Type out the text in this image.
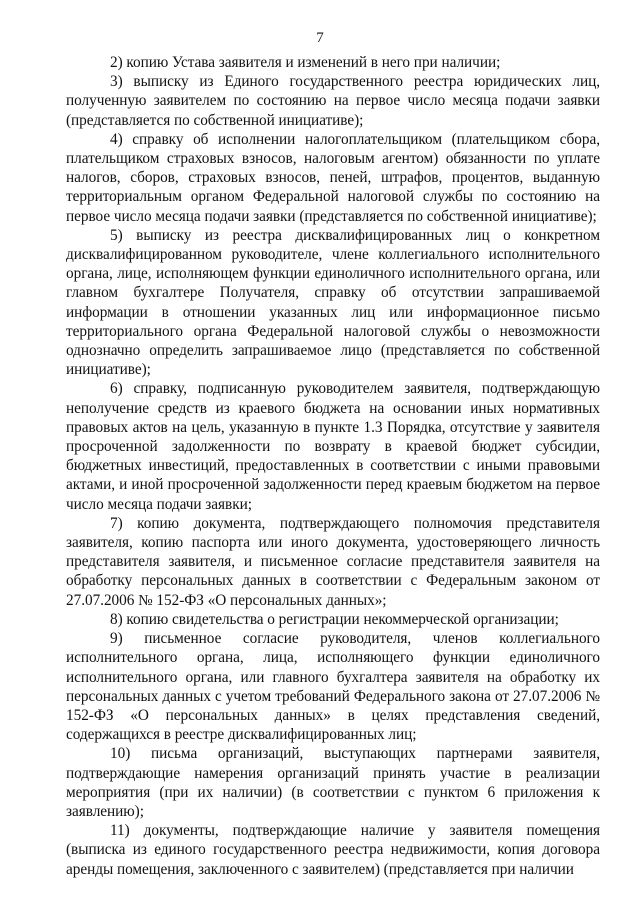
7

2) копию Устава заявителя и изменений в него при наличии;

3) выписку из Единого государственного реестра юридических лиц, полученную заявителем по состоянию на первое число месяца подачи заявки (представляется по собственной инициативе);

4) справку об исполнении налогоплательщиком (плательщиком сбора, плательщиком страховых взносов, налоговым агентом) обязанности по уплате налогов, сборов, страховых взносов, пеней, штрафов, процентов, выданную территориальным органом Федеральной налоговой службы по состоянию на первое число месяца подачи заявки (представляется по собственной инициативе);

5) выписку из реестра дисквалифицированных лиц о конкретном дисквалифицированном руководителе, члене коллегиального исполнительного органа, лице, исполняющем функции единоличного исполнительного органа, или главном бухгалтере Получателя, справку об отсутствии запрашиваемой информации в отношении указанных лиц или информационное письмо территориального органа Федеральной налоговой службы о невозможности однозначно определить запрашиваемое лицо (представляется по собственной инициативе);

6) справку, подписанную руководителем заявителя, подтверждающую неполучение средств из краевого бюджета на основании иных нормативных правовых актов на цель, указанную в пункте 1.3 Порядка, отсутствие у заявителя просроченной задолженности по возврату в краевой бюджет субсидии, бюджетных инвестиций, предоставленных в соответствии с иными правовыми актами, и иной просроченной задолженности перед краевым бюджетом на первое число месяца подачи заявки;

7) копию документа, подтверждающего полномочия представителя заявителя, копию паспорта или иного документа, удостоверяющего личность представителя заявителя, и письменное согласие представителя заявителя на обработку персональных данных в соответствии с Федеральным законом от 27.07.2006 № 152-ФЗ «О персональных данных»;

8) копию свидетельства о регистрации некоммерческой организации;

9) письменное согласие руководителя, членов коллегиального исполнительного органа, лица, исполняющего функции единоличного исполнительного органа, или главного бухгалтера заявителя на обработку их персональных данных с учетом требований Федерального закона от 27.07.2006 № 152-ФЗ «О персональных данных» в целях представления сведений, содержащихся в реестре дисквалифицированных лиц;

10) письма организаций, выступающих партнерами заявителя, подтверждающие намерения организаций принять участие в реализации мероприятия (при их наличии) (в соответствии с пунктом 6 приложения к заявлению);

11) документы, подтверждающие наличие у заявителя помещения (выписка из единого государственного реестра недвижимости, копия договора аренды помещения, заключенного с заявителем) (представляется при наличии
